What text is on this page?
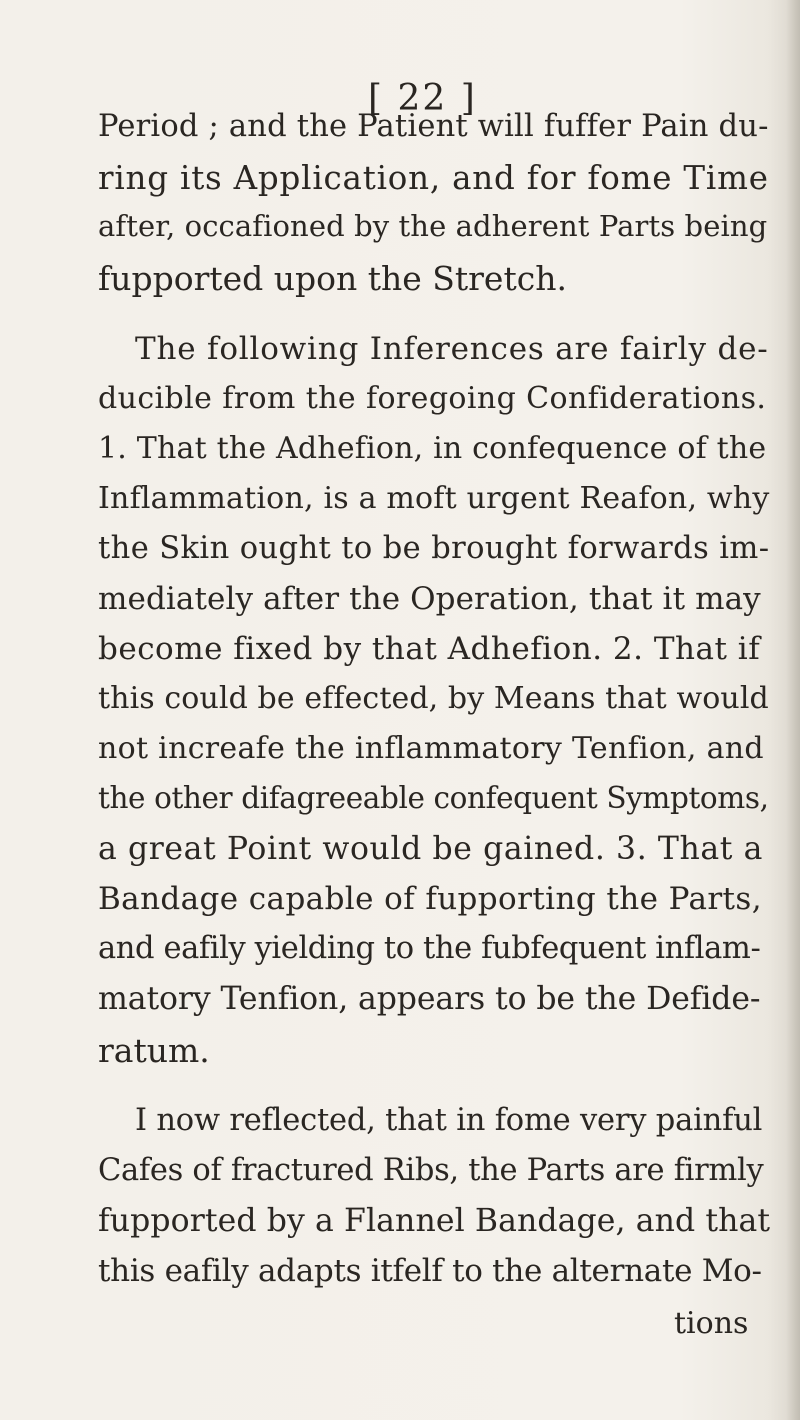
[ 22 ]
Period ; and the Patient will fuffer Pain du-
ring its Application, and for fome Time
after, occafioned by the adherent Parts being
fupported upon the Stretch.
The following Inferences are fairly de-
ducible from the foregoing Confiderations.
1. That the Adhefion, in confequence of the
Inflammation, is a moft urgent Reafon, why
the Skin ought to be brought forwards im-
mediately after the Operation, that it may
become fixed by that Adhefion. 2. That if
this could be effected, by Means that would
not increafe the inflammatory Tenfion, and
the other difagreeable confequent Symptoms,
a great Point would be gained. 3. That a
Bandage capable of fupporting the Parts,
and eafily yielding to the fubfequent inflam-
matory Tenfion, appears to be the Defide-
ratum.
I now reflected, that in fome very painful
Cafes of fractured Ribs, the Parts are firmly
fupported by a Flannel Bandage, and that
this eafily adapts itfelf to the alternate Mo-
tions
